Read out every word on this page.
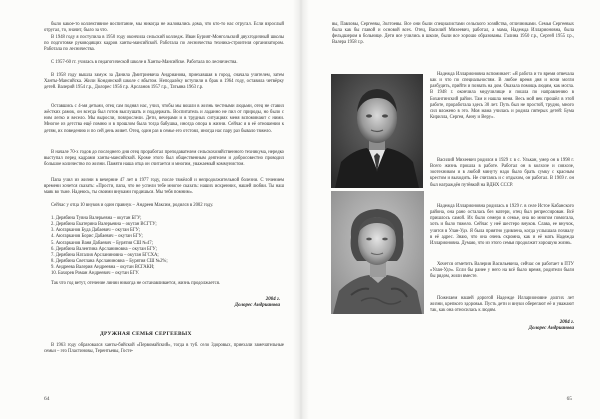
было какое-то коллективное воспитание, мы никогда не жаловались дома, что кто-то нас отругал. Если взрослый отругал, то, значит, было за что.

В 1948 году я поступила в 1950 году окончила сельский колледж. Иван Бурият-Монгольский двухгодичный школы по подготовке руководящих кадров ханты-мансийской. Работала по лесничества техника-строителя организатором. Работала по лесничества.

С 1957-60 гг. училась в педагогической школе в Ханты-Мансийске. Работала по лесничества.

В 1958 году вышла замуж за Данила Дмитриевича Андрианова, приехавшая в город, сначала учителем, затем Ханты-Мансийска. Жили Кондинской школе с вбытом. Неподалёку вступили в брак в 1964 году, оставила четвёрку детей. Валерий 1954 г.р., Долорес 1956 г.р. Арсланов 1957 г.р., Татьяна 1963 г.р.

Оставшись с 4-мя детьми, отец сам поднял нас, учил, чтобы мы вошли в жизнь честными людьми, отец не ставил жёстких рамок, он всегда был готов выслушать и поддержать. Воспитатель и ладанно не пил от природы, но было с ним легко и весело. Мы выросли, повзрослели. Дети, вечерами и в трудных ситуациях меня вспоминают с ними. Многое из детства ещё помню и в прошлом была тогда бабушка, иногда опора в жизни. Сейчас я в её отношении к детям, их поведению и по сей день живет. Отец, один раз в семье его отстоял, иногда нас пару раз бывало тяжело.

В начале 70-х годов до последнего дня отец проработал преподавателем сельскохозяйственного техникума, нередко выступал перед кадрами ханты-мансийской. Кроме этого был общественным деятелем и добросовестно проводил большое количество по жизни. Памяти наша отца он считается и многим, уважаемый коммунистом.

Папа учил из жизни в вечерние 47 лет в 1977 году, после тяжёлой и непродолжительной болезни. С течением времени хочется сказать: «Прости, папа, что не успели тебе многое сказать: наших искренних, нашей любви. Ты наш маяк во тьме. Надеюсь, ты своими внуками гордишься. Мы тебя помним».

Сейчас у отца 10 внуков и один правнук – Андреев Максим, родился в 2002 году.

1. Дерябина Тувна Валерьевна – окутан БГУ;
2. Дерябина Екатерина Валерьевна – окутан ВСГТУ;
3. Аюгарканов Буда Дабаевич – окутан БГУ;
4. Аюгарканов Борис Дабаевич – окутан БГУ;
5. Аюгарканов Ваня Дабаевич – Бурятия СШ №47;
6. Дерябина Валентина Арсланиновна – окутан БГУ;
7. Дерябина Наталия Арсланиновна – окутан БГСХА;
8. Дерябина Светлана Арсланиновна – Бурятия СШ №2%;
9. Андреева Валерия Андреевна – окутан ВСГАКИ;
10. Бахорев Роман Андреевич – окутан БГУ.

Так что год ветут, отечение линии никогда не останавливается, жизнь продолжается.

2004 г.

Долорес Андрианова

ДРУЖНАЯ СЕМЬЯ СЕРГЕЕВЫХ

В 1963 году образовался ханты-бийской «Первомайский», тогда в туб. село Здоровых, приехали замечательные семьи – это Пластиновы, Терентьевы, Госте-

64

вы, Павловы, Сергеевы, Золтоевы. Все они были специалистами сельского хозяйства, отличниками. Семья Сергеевых была как бы главой и основой всех. Отец, Василий Михеевич, работал, а мама, Надежда Илларионовна, была фельдшером в больнице. Дети все учились в школе, были все хорошо образованы. Галина 1950 г.р., Сергей 1955 г.р., Валера 1958 г.р.

Надежда Илларионовна вспоминает: «Я работа и то время отвечала как и что по специальностям. В любое время дня и ночи могли разбудить, прийти и позвать на дом. Оказала помощь людям, как могла. В 1948 г. окончила медучилище и пошла по направлению в Бохангинский район. Там и нашла меня. Весь мой век прошёл в этой работе, проработала здесь 30 лет. Путь был не простой, трудно, много сил вложено в это. Моя мама училась и родила пятерых детей: Бума Кирилла, Сергея, Анну и Веру».

Василий Михеевич родился в 1929 г. в с. Улькан, умер он в 1998 г. Всего жизнь прошла в работе. Работал он в колхозе и совхозе, зоотехником и в любой минуту надо было брать сумку с красным крестом и выходить. Не считаясь и с отдыхом, он работал. В 1969 г. он был награждён путёвкой на ВДНХ СССР.

Надежда Илларионовна родилась в 1929 г. в селе Истое Кабанского района, она рано осталась без матери, отец был репрессирован. Всё пришлось самой. Их было семеро в семье, она во многом помогала, хоть и было тяжело. Сейчас у неё шестеро внуков. Слава, ее внучок, учится в Улан-Удэ. Я была приятно удивлена, когда услышала похвалу в её адрес. Знаю, что она очень скромна, как и её мать Надежда Илларионовна. Думаю, что из этого семья продолжит хорошую жизнь.

Хочется отметить Валерия Васильевича, сейчас он работает в ПТУ «Улан-Удэ». Если бы ранее у него на всё было время, родители были бы рядом, жили вместе.

Пожелаем нашей дорогой Надежде Илларионовне долгих лет жизни, крепкого здоровья. Пусть дети и внуки оберегают её и уважают так, как она относилась к людям.

2004 г.

Долорес Андрианова

65
